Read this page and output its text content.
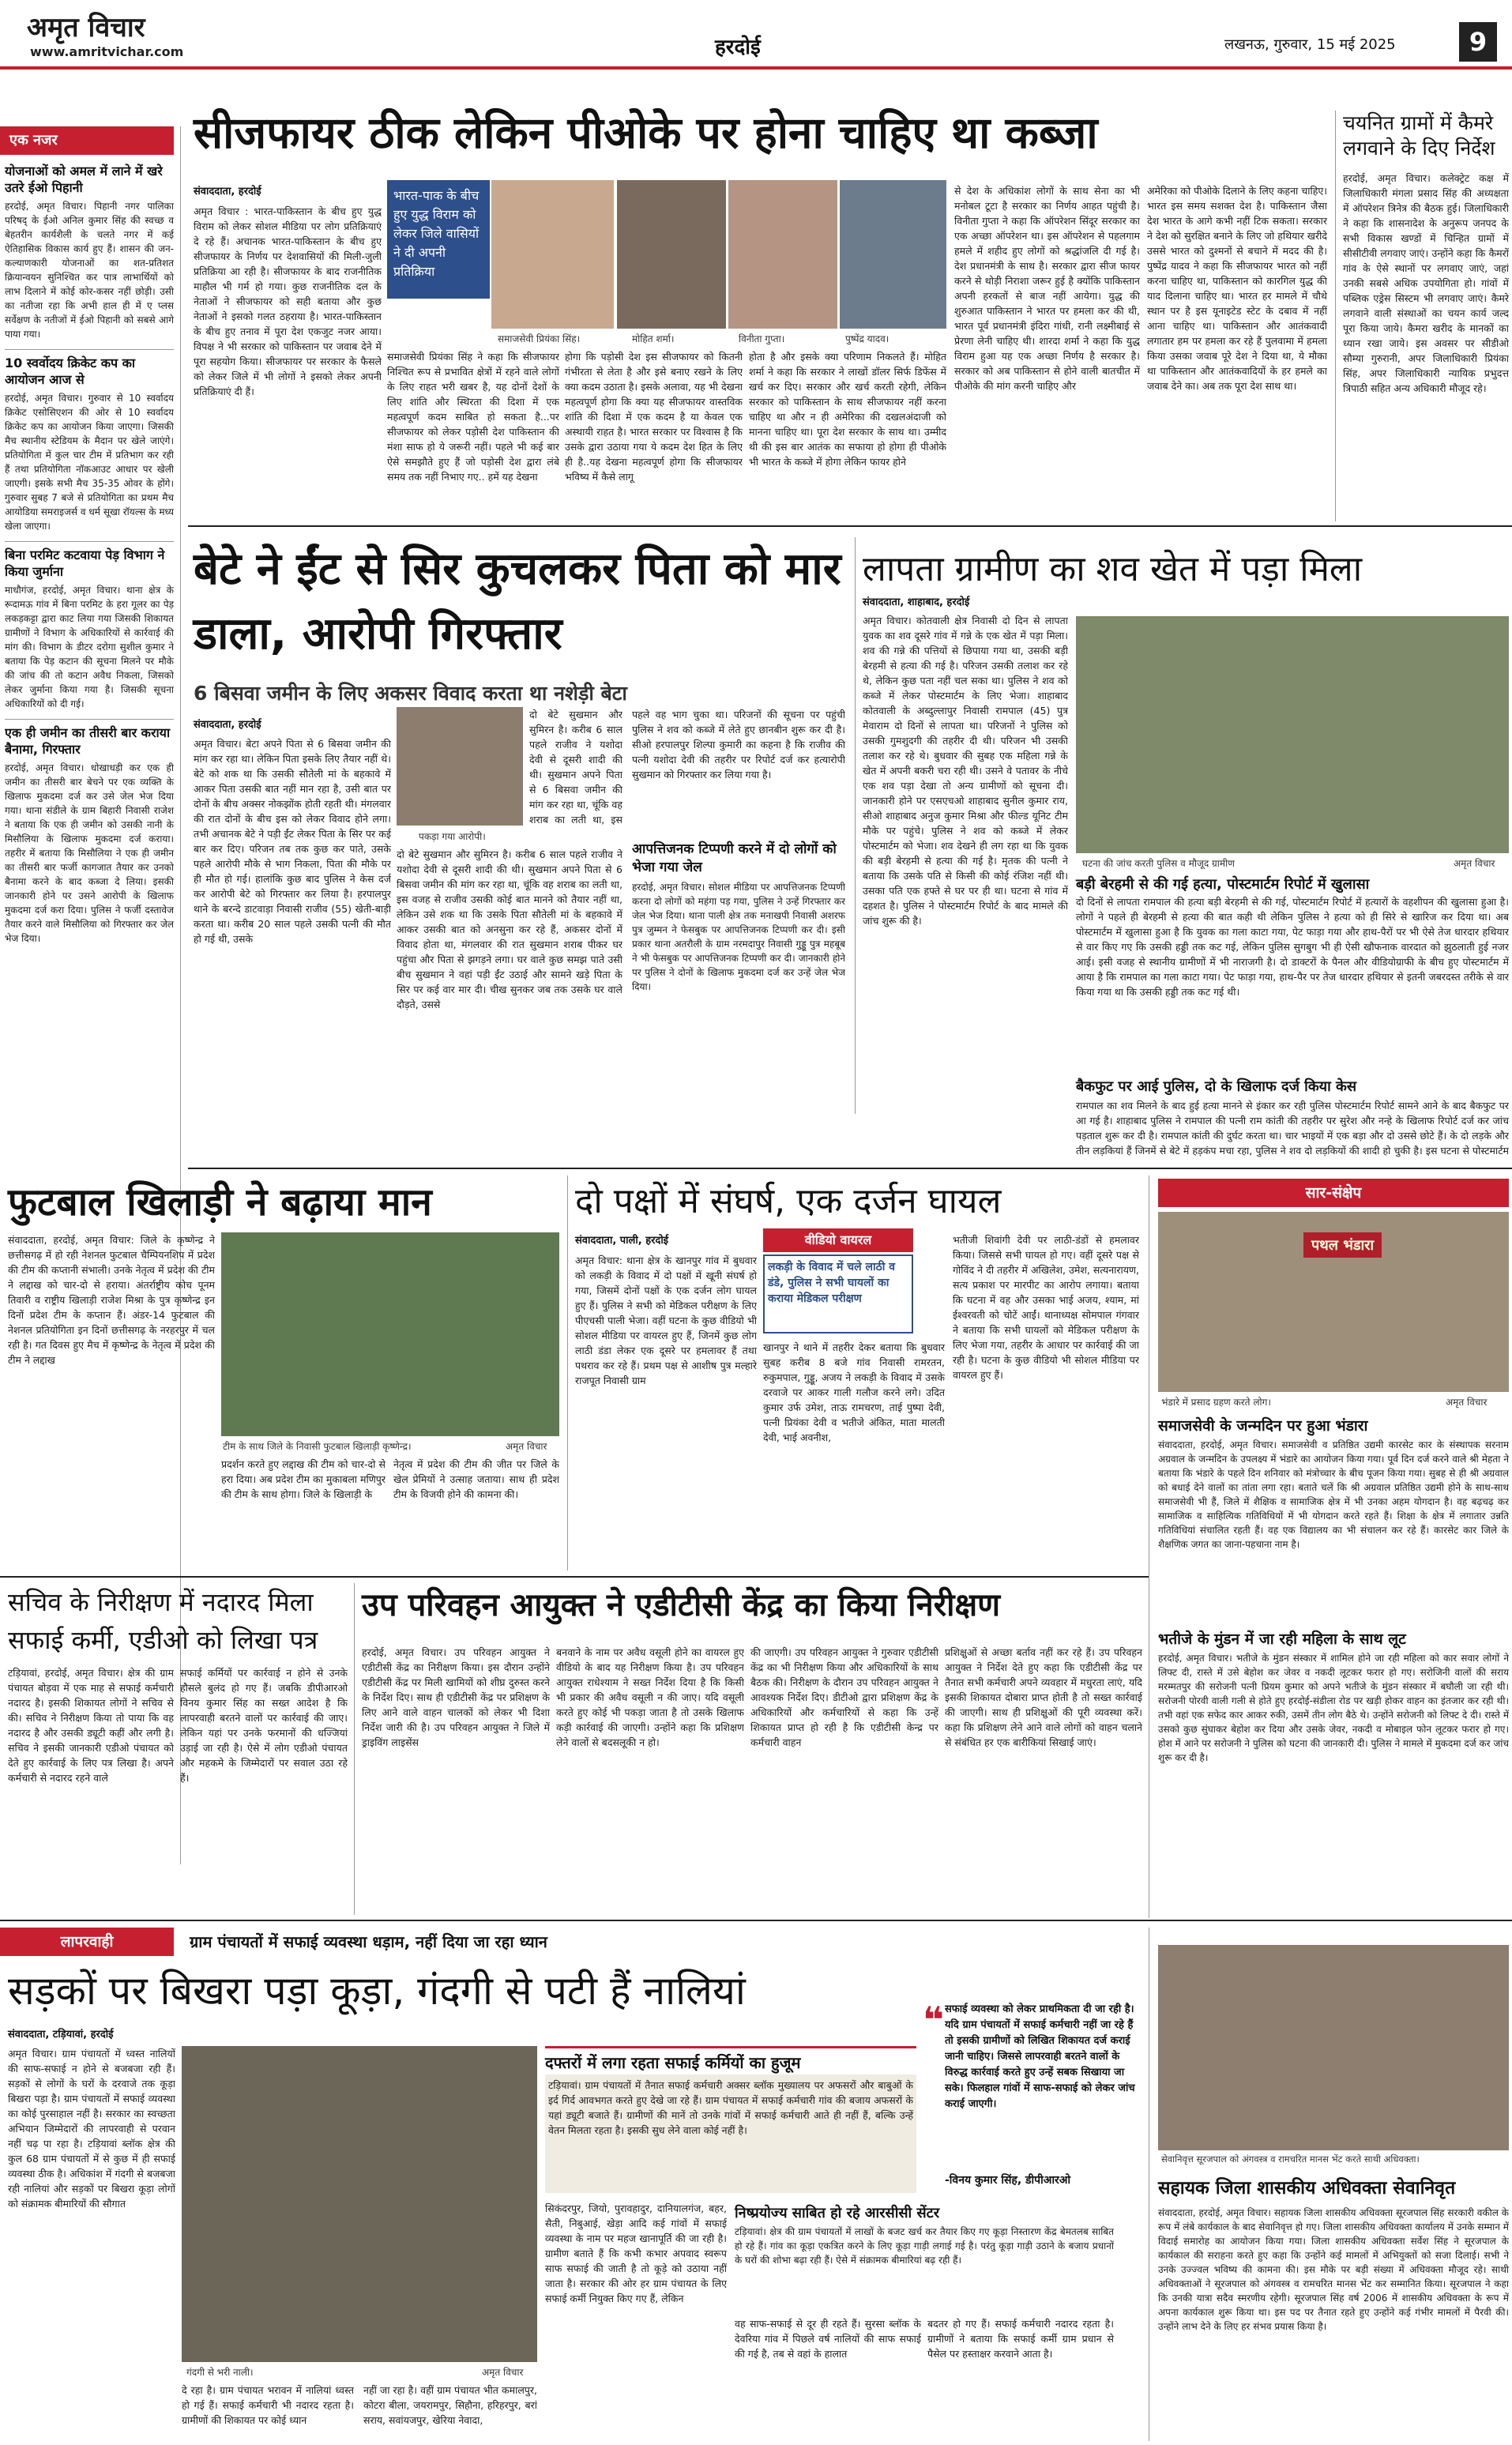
अमृत विचार
www.amritvichar.com	हरदोई	लखनऊ, गुरुवार, 15 मई 2025	9
एक नजर
योजनाओं को अमल में लाने में खरे उतरे ईओ पिहानी
हरदोई, अमृत विचार। पिहानी नगर पालिका परिषद् के ईओ अनिल कुमार सिंह की स्वच्छ व बेहतरीन कार्यशैली के चलते नगर में कई ऐतिहासिक विकास कार्य हुए हैं। शासन की जन-कल्याणकारी योजनाओं का शत-प्रतिशत क्रियान्वयन सुनिश्चित कर पात्र लाभार्थियों को लाभ दिलाने में कोई कोर-कसर नहीं छोड़ी। उसी का नतीजा रहा कि अभी हाल ही में ए प्लस सर्वेक्षण के नतीजों में ईओ पिहानी को सबसे आगे पाया गया।
10 स्वर्वोदय क्रिकेट कप का आयोजन आज से
हरदोई, अमृत विचार। गुरुवार से 10 स्वर्वादय क्रिकेट एसोसिएशन की ओर से 10 स्वर्वादय क्रिकेट कप का आयोजन किया जाएगा। जिसकी मैच स्थानीय स्टेडियम के मैदान पर खेले जाएंगे। प्रतियोगिता में कुल चार टीम में प्रतिभाग कर रही हैं तथा प्रतियोगिता नॉकआउट आधार पर खेली जाएगी। इसके सभी मैच 35-35 ओवर के होंगे। गुरुवार सुबह 7 बजे से प्रतियोगिता का प्रथम मैच आयोडिया समराइजर्स व धर्म सूखा रॉयल्स के मध्य खेला जाएगा।
बिना परमिट कटवाया पेड़ विभाग ने किया जुर्माना
माधौगंज, हरदोई, अमृत विचार। थाना क्षेत्र के रूदामऊ गांव में बिना परमिट के हरा गूलर का पेड़ लकड़कट्टा द्वारा काट लिया गया जिसकी शिकायत ग्रामीणों ने विभाग के अधिकारियों से कार्रवाई की मांग की। विभाग के डीटर दरोगा सुशील कुमार ने बताया कि पेड़ कटान की सूचना मिलने पर मौके की जांच की तो कटान अवैध निकला, जिसको लेकर जुर्माना किया गया है। जिसकी सूचना अधिकारियों को दी गई।
एक ही जमीन का तीसरी बार कराया बैनामा, गिरफ्तार
हरदोई, अमृत विचार। धोखाधड़ी कर एक ही जमीन का तीसरी बार बेचने पर एक व्यक्ति के खिलाफ मुकदमा दर्ज कर उसे जेल भेज दिया गया। थाना संडीले के ग्राम बिहारी निवासी राजेश ने बताया कि एक ही जमीन को उसकी नानी के मिसौलिया के खिलाफ मुकदमा दर्ज कराया। तहरीर में बताया कि मिसौलिया ने एक ही जमीन का तीसरी बार फर्जी कागजात तैयार कर उनको बैनामा करने के बाद कब्जा दे लिया। इसकी जानकारी होने पर उसने आरोपी के खिलाफ मुकदमा दर्ज करा दिया। पुलिस ने फर्जी दस्तावेज तैयार करने वाले मिसौलिया को गिरफ्तार कर जेल भेज दिया।
सीजफायर ठीक लेकिन पीओके पर होना चाहिए था कब्जा
संवाददाता, हरदोई	भारत-पाक के बीच हुए युद्ध विराम को लेकर जिले वासियों ने दी अपनी प्रतिक्रिया
समाजसेवी प्रियंका सिंह।	मोहित शर्मा।	विनीता गुप्ता।	पुष्पेंद्र यादव।
अमृत विचार : भारत-पाकिस्तान के बीच हुए युद्ध विराम को लेकर सोशल मीडिया पर लोग प्रतिक्रियाएं दे रहे हैं। अचानक भारत-पाकिस्तान के बीच हुए सीजफायर के निर्णय पर देशवासियों की मिली-जुली प्रतिक्रिया आ रही है। सीजफायर के बाद राजनीतिक माहौल भी गर्म हो गया। कुछ राजनीतिक दल के नेताओं ने सीजफायर को सही बताया और कुछ नेताओं ने इसको गलत ठहराया है। भारत-पाकिस्तान के बीच हुए तनाव में पूरा देश एकजुट नजर आया। विपक्ष ने भी सरकार को पाकिस्तान पर जवाब देने में पूरा सहयोग किया। सीजफायर पर सरकार के फैसले को लेकर जिले में भी लोगों ने इसको लेकर अपनी प्रतिक्रियाएं दी हैं।
समाजसेवी प्रियंका सिंह ने कहा कि सीजफायर निश्चित रूप से प्रभावित क्षेत्रों में रहने वाले लोगों के लिए राहत भरी खबर है, यह दोनों देशों के लिए शांति और स्थिरता की दिशा में एक महत्वपूर्ण कदम साबित हो सकता है...पर सीजफायर को लेकर पड़ोसी देश पाकिस्तान की मंशा साफ हो ये जरूरी नहीं। पहले भी कई बार ऐसे समझौते हुए हैं जो पड़ोसी देश द्वारा लंबे समय तक नहीं निभाए गए.. हमें यह देखना
होगा कि पड़ोसी देश इस सीजफायर को कितनी गंभीरता से लेता है और इसे बनाए रखने के लिए क्या कदम उठाता है। इसके अलावा, यह भी देखना महत्वपूर्ण होगा कि क्या यह सीजफायर वास्तविक शांति की दिशा में एक कदम है या केवल एक अस्थायी राहत है। भारत सरकार पर विश्वास है कि उसके द्वारा उठाया गया ये कदम देश हित के लिए ही है..यह देखना महत्वपूर्ण होगा कि सीजफायर भविष्य में कैसे लागू
होता है और इसके क्या परिणाम निकलते हैं। मोहित शर्मा ने कहा कि सरकार ने लाखों डॉलर सिर्फ डिफेंस में खर्च कर दिए। सरकार और खर्च करती रहेगी, लेकिन सरकार को पाकिस्तान के साथ सीजफायर नहीं करना चाहिए था और न ही अमेरिका की दखलअंदाजी को मानना चाहिए था। पूरा देश सरकार के साथ था। उम्मीद थी की इस बार आतंक का सफाया हो होगा ही पीओके भी भारत के कब्जे में होगा लेकिन फायर होने
से देश के अधिकांश लोगों के साथ सेना का भी मनोबल टूटा है सरकार का निर्णय आहत पहुंची है। विनीता गुप्ता ने कहा कि ऑपरेशन सिंदूर सरकार का एक अच्छा ऑपरेशन था। इस ऑपरेशन से पहलगाम हमले में शहीद हुए लोगों को श्रद्धांजलि दी गई है। देश प्रधानमंत्री के साथ है। सरकार द्वारा सीज फायर करने से थोड़ी निराशा जरूर हुई है क्योंकि पाकिस्तान अपनी हरकतों से बाज नहीं आयेगा। युद्ध की शुरुआत पाकिस्तान ने भारत पर हमला कर की थी, भारत पूर्व प्रधानमंत्री इंदिरा गांधी, रानी लक्ष्मीबाई से प्रेरणा लेनी चाहिए थी। शारदा शर्मा ने कहा कि युद्ध विराम हुआ यह एक अच्छा निर्णय है सरकार है। सरकार को अब पाकिस्तान से होने वाली बातचीत में पीओके की मांग करनी चाहिए और
अमेरिका को पीओके दिलाने के लिए कहना चाहिए। भारत इस समय सशक्त देश है। पाकिस्तान जैसा देश भारत के आगे कभी नहीं टिक सकता। सरकार ने देश को सुरक्षित बनाने के लिए जो हथियार खरीदे उससे भारत को दुश्मनों से बचाने में मदद की है। पुष्पेंद्र यादव ने कहा कि सीजफायर भारत को नहीं करना चाहिए था, पाकिस्तान को कारगिल युद्ध की याद दिलाना चाहिए था। भारत हर मामले में चौथे स्थान पर है इस यूनाइटेड स्टेट के दबाव में नहीं आना चाहिए था। पाकिस्तान और आतंकवादी लगातार हम पर हमला कर रहे हैं पुलवामा में हमला किया उसका जवाब पूरे देश ने दिया था, ये मौका था पाकिस्तान और आतंकवादियों के हर हमले का जवाब देने का। अब तक पूरा देश साथ था।
चयनित ग्रामों में कैमरे लगवाने के दिए निर्देश
हरदोई, अमृत विचार। कलेक्ट्रेट कक्ष में जिलाधिकारी मंगला प्रसाद सिंह की अध्यक्षता में ऑपरेशन त्रिनेत्र की बैठक हुई। जिलाधिकारी ने कहा कि शासनादेश के अनुरूप जनपद के सभी विकास खण्डों में चिन्हित ग्रामों में सीसीटीवी लगवाए जाएं। उन्होंने कहा कि कैमरों गांव के ऐसे स्थानों पर लगवाए जाएं, जहां उनकी सबसे अधिक उपयोगिता हो। गांवों में पब्लिक एड्रेस सिस्टम भी लगवाए जाएं। कैमरे लगवाने वाली संस्थाओं का चयन कार्य जल्द पूरा किया जाये। कैमरा खरीद के मानकों का ध्यान रखा जाये। इस अवसर पर सीडीओ सौम्या गुरुरानी, अपर जिलाधिकारी प्रियंका सिंह, अपर जिलाधिकारी न्यायिक प्रभुदत्त त्रिपाठी सहित अन्य अधिकारी मौजूद रहे।
बेटे ने ईंट से सिर कुचलकर पिता को मार डाला, आरोपी गिरफ्तार
6 बिसवा जमीन के लिए अकसर विवाद करता था नशेड़ी बेटा
संवाददाता, हरदोई
अमृत विचार। बेटा अपने पिता से 6 बिसवा जमीन की मांग कर रहा था। लेकिन पिता इसके लिए तैयार नहीं थे। बेटे को शक था कि उसकी सौतेली मां के बहकावे में आकर पिता उसकी बात नहीं मान रहा है, उसी बात पर दोनों के बीच अक्सर नोकझोंक होती रहती थी। मंगलवार की रात दोनों के बीच इस को लेकर विवाद होने लगा। तभी अचानक बेटे ने पड़ी ईंट लेकर पिता के सिर पर कई बार कर दिए। परिजन तब तक कुछ कर पाते, उसके पहले आरोपी मौके से भाग निकला, पिता की मौके पर ही मौत हो गई। हालांकि कुछ बाद पुलिस ने केस दर्ज कर आरोपी बेटे को गिरफ्तार कर लिया है। हरपालपुर थाने के बरन्दे डाटवाड़ा निवासी राजीव (55) खेती-बाड़ी करता था। करीब 20 साल पहले उसकी पत्नी की मौत हो गई थी, उसके
पकड़ा गया आरोपी।
दो बेटे सुखमान और सुमिरन है। करीब 6 साल पहले राजीव ने यशोदा देवी से दूसरी शादी की थी। सुखमान अपने पिता से 6 बिसवा जमीन की मांग कर रहा था, चूंकि वह शराब का लती था, इस
दो बेटे सुखमान और सुमिरन है। करीब 6 साल पहले राजीव ने यशोदा देवी से दूसरी शादी की थी। सुखमान अपने पिता से 6 बिसवा जमीन की मांग कर रहा था, चूंकि वह शराब का लती था, इस वजह से राजीव उसकी कोई बात मानने को तैयार नहीं था, लेकिन उसे शक था कि उसके पिता सौतेली मां के बहकावे में आकर उसकी बात को अनसुना कर रहे हैं, अकसर दोनों में विवाद होता था, मंगलवार की रात सुखमान शराब पीकर घर पहुंचा और पिता से झगड़ने लगा। घर वाले कुछ समझ पाते उसी बीच सुखमान ने वहां पड़ी ईंट उठाई और सामने खड़े पिता के सिर पर कई वार मार दी। चीख सुनकर जब तक उसके घर वाले दौड़ते, उससे
पहले वह भाग चुका था। परिजनों की सूचना पर पहुंची पुलिस ने शव को कब्जे में लेते हुए छानबीन शुरू कर दी है। सीओ हरपालपुर शिल्पा कुमारी का कहना है कि राजीव की पत्नी यशोदा देवी की तहरीर पर रिपोर्ट दर्ज कर हत्यारोपी सुखमान को गिरफ्तार कर लिया गया है।
आपत्तिजनक टिप्पणी करने में दो लोगों को भेजा गया जेल
हरदोई, अमृत विचार। सोशल मीडिया पर आपत्तिजनक टिप्पणी करना दो लोगों को महंगा पड़ गया, पुलिस ने उन्हें गिरफ्तार कर जेल भेज दिया। थाना पाली क्षेत्र तक मनाखपी निवासी अशरफ पुत्र जुम्मन ने फेसबुक पर आपत्तिजनक टिप्पणी कर दी। इसी प्रकार थाना अतरौली के ग्राम नरमदापुर निवासी गुड्डू पुत्र महबूब ने भी फेसबुक पर आपत्तिजनक टिप्पणी कर दी। जानकारी होने पर पुलिस ने दोनों के खिलाफ मुकदमा दर्ज कर उन्हें जेल भेज दिया।
लापता ग्रामीण का शव खेत में पड़ा मिला
संवाददाता, शाहाबाद, हरदोई
अमृत विचार। कोतवाली क्षेत्र निवासी दो दिन से लापता युवक का शव दूसरे गांव में गन्ने के एक खेत में पड़ा मिला। शव की गन्ने की पत्तियों से छिपाया गया था, उसकी बड़ी बेरहमी से हत्या की गई है। परिजन उसकी तलाश कर रहे थे, लेकिन कुछ पता नहीं चल सका था। पुलिस ने शव को कब्जे में लेकर पोस्टमार्टम के लिए भेजा। शाहाबाद कोतवाली के अब्दुल्लापुर निवासी रामपाल (45) पुत्र मेवाराम दो दिनों से लापता था। परिजनों ने पुलिस को उसकी गुमशुदगी की तहरीर दी थी। परिजन भी उसकी तलाश कर रहे थे। बुधवार की सुबह एक महिला गन्ने के खेत में अपनी बकरी चरा रही थी। उसने वे पतावर के नीचे एक शव पड़ा देखा तो अन्य ग्रामीणों को सूचना दी। जानकारी होने पर एसएचओ शाहाबाद सुनील कुमार राय, सीओ शाहाबाद अनुज कुमार मिश्रा और फील्ड यूनिट टीम मौके पर पहुंचे। पुलिस ने शव को कब्जे में लेकर पोस्टमार्टम को भेजा। शव देखने ही लग रहा था कि युवक की बड़ी बेरहमी से हत्या की गई है। मृतक की पत्नी ने बताया कि उसके पति से किसी की कोई रंजिश नहीं थी। उसका पति एक हफ्ते से घर पर ही था। घटना से गांव में दहशत है। पुलिस ने पोस्टमार्टम रिपोर्ट के बाद मामले की जांच शुरू की है।
घटना की जांच करती पुलिस व मौजूद ग्रामीण	अमृत विचार
बड़ी बेरहमी से की गई हत्या, पोस्टमार्टम रिपोर्ट में खुलासा
दो दिनों से लापता रामपाल की हत्या बड़ी बेरहमी से की गई, पोस्टमार्टम रिपोर्ट में हत्यारों के वहशीपन की खुलासा हुआ है। लोगों ने पहले ही बेरहमी से हत्या की बात कही थी लेकिन पुलिस ने हत्या को ही सिरे से खारिज कर दिया था। अब पोस्टमार्टम में खुलासा हुआ है कि युवक का गला काटा गया, पेट फाड़ा गया और हाथ-पैरों पर भी ऐसे तेज धारदार हथियार से वार किए गए कि उसकी हड्डी तक कट गई, लेकिन पुलिस सुगबुग भी ही ऐसी खौफनाक वारदात को झुठलाती हुई नजर आई। इसी वजह से स्थानीय ग्रामीणों में भी नाराजगी है। दो डाक्टरों के पैनल और वीडियोग्राफी के बीच हुए पोस्टमार्टम में आया है कि रामपाल का गला काटा गया। पेट फाड़ा गया, हाथ-पैर पर तेज धारदार हथियार से इतनी जबरदस्त तरीके से वार किया गया था कि उसकी हड्डी तक कट गई थी।
बैकफुट पर आई पुलिस, दो के खिलाफ दर्ज किया केस
रामपाल का शव मिलने के बाद हुई हत्या मानने से इंकार कर रही पुलिस पोस्टमार्टम रिपोर्ट सामने आने के बाद बैकफुट पर आ गई है। शाहाबाद पुलिस ने रामपाल की पत्नी राम कांती की तहरीर पर सुरेश और नन्हे के खिलाफ रिपोर्ट दर्ज कर जांच पड़ताल शुरू कर दी है। रामपाल कांती की दुर्घट करता था। चार भाइयों में एक बड़ा और दो उससे छोटे हैं। के दो लड़के और तीन लड़कियां हैं जिनमें से बेटे में हड़कंप मचा रहा, पुलिस ने शव दो लड़कियों की शादी हो चुकी है। इस घटना से पोस्टमार्टम
फुटबाल खिलाड़ी ने बढ़ाया मान
संवाददाता, हरदोई, अमृत विचार: जिले के कृष्णेन्द्र ने छत्तीसगढ़ में हो रही नेशनल फुटबाल चैम्पियनशिप में प्रदेश की टीम की कप्तानी संभाली। उनके नेतृत्व में प्रदेश की टीम ने लद्दाख को चार-दो से हराया। अंतर्राष्ट्रीय कोच पूनम तिवारी व राष्ट्रीय खिलाड़ी राजेश मिश्रा के पुत्र कृष्णेन्द्र इन दिनों प्रदेश टीम के कप्तान हैं। अंडर-14 फुटबाल की नेशनल प्रतियोगिता इन दिनों छत्तीसगढ़ के नरहरपुर में चल रही है। गत दिवस हुए मैच में कृष्णेन्द्र के नेतृत्व में प्रदेश की टीम ने लद्दाख
टीम के साथ जिले के निवासी फुटबाल खिलाड़ी कृष्णेन्द्र।	अमृत विचार
प्रदर्शन करते हुए लद्दाख की टीम को चार-दो से हरा दिया। अब प्रदेश टीम का मुकाबला मणिपुर की टीम के साथ होगा। जिले के खिलाड़ी के
नेतृत्व में प्रदेश की टीम की जीत पर जिले के खेल प्रेमियों ने उत्साह जताया। साथ ही प्रदेश टीम के विजयी होने की कामना की।
दो पक्षों में संघर्ष, एक दर्जन घायल
संवाददाता, पाली, हरदोई	वीडियो वायरल
लकड़ी के विवाद में चले लाठी व डंडे, पुलिस ने सभी घायलों का कराया मेडिकल परीक्षण
अमृत विचार: थाना क्षेत्र के खानपुर गांव में बुधवार को लकड़ी के विवाद में दो पक्षों में खूनी संघर्ष हो गया, जिसमें दोनों पक्षों के एक दर्जन लोग घायल हुए हैं। पुलिस ने सभी को मेडिकल परीक्षण के लिए पीएचसी पाली भेजा। वहीं घटना के कुछ वीडियो भी सोशल मीडिया पर वायरल हुए हैं, जिनमें कुछ लोग लाठी डंडा लेकर एक दूसरे पर हमलावर हैं तथा पथराव कर रहे हैं। प्रथम पक्ष से आशीष पुत्र मल्हारे राजपूत निवासी ग्राम
खानपुर ने थाने में तहरीर देकर बताया कि बुधवार सुबह करीब 8 बजे गांव निवासी रामरतन, रुकुमपाल, गुड्डू, अजय ने लकड़ी के विवाद में उसके दरवाजे पर आकर गाली गलौज करने लगे। उदित कुमार उर्फ उमेश, ताऊ रामचरण, ताई पुष्पा देवी, पत्नी प्रियंका देवी व भतीजे अंकित, माता मालती देवी, भाई अवनीश,
भतीजी शिवांगी देवी पर लाठी-डंडों से हमलावर किया। जिससे सभी घायल हो गए। वहीं दूसरे पक्ष से गोविंद ने दी तहरीर में अखिलेश, उमेश, सत्यनारायण, सत्य प्रकाश पर मारपीट का आरोप लगाया। बताया कि घटना में वह और उसका भाई अजय, श्याम, मां ईश्वरवती को चोटें आईं। थानाध्यक्ष सोमपाल गंगवार ने बताया कि सभी घायलों को मेडिकल परीक्षण के लिए भेजा गया, तहरीर के आधार पर कार्रवाई की जा रही है। घटना के कुछ वीडियो भी सोशल मीडिया पर वायरल हुए हैं।
सार-संक्षेप
पथल भंडारा
भंडारे में प्रसाद ग्रहण करते लोग।	अमृत विचार
समाजसेवी के जन्मदिन पर हुआ भंडारा
संवाददाता, हरदोई, अमृत विचार। समाजसेवी व प्रतिष्ठित उद्यमी कारसेट कार के संस्थापक सरनाम अग्रवाल के जन्मदिन के उपलक्ष्य में भंडारे का आयोजन किया गया। पूर्व दिन दर्ज करने वाले श्री मेहता ने बताया कि भंडारे के पहले दिन शनिवार को मंत्रोच्चार के बीच पूजन किया गया। सुबह से ही श्री अग्रवाल को बधाई देने वालों का तांता लगा रहा। बताते चलें कि श्री अग्रवाल प्रतिष्ठित उद्यमी होने के साथ-साथ समाजसेवी भी हैं, जिले में शैक्षिक व सामाजिक क्षेत्र में भी उनका अहम योगदान है। वह बढ़चढ़ कर सामाजिक व साहित्यिक गतिविधियों में भी योगदान करते रहते हैं। शिक्षा के क्षेत्र में लगातार उन्नति गतिविधियां संचालित रहती हैं। वह एक विद्यालय का भी संचालन कर रहे हैं। कारसेट कार जिले के शैक्षणिक जगत का जाना-पहचाना नाम है।
भतीजे के मुंडन में जा रही महिला के साथ लूट
हरदोई, अमृत विचार। भतीजे के मुंडन संस्कार में शामिल होने जा रही महिला को कार सवार लोगों ने लिफ्ट दी, रास्ते में उसे बेहोश कर जेवर व नकदी लूटकर फरार हो गए। सरोजिनी वालों की सराय मरम्मतपुर की सरोजनी पत्नी प्रियम कुमार को अपने भतीजे के मुंडन संस्कार में बघौली जा रही थी। सरोजनी पोरवी वाली गली से होते हुए हरदोई-संडीला रोड पर खड़ी होकर वाहन का इंतजार कर रही थी। तभी वहां एक सफेद कार आकर रुकी, उसमें तीन लोग बैठे थे। उन्होंने सरोजनी को लिफ्ट दे दी। रास्ते में उसको कुछ सुंघाकर बेहोश कर दिया और उसके जेवर, नकदी व मोबाइल फोन लूटकर फरार हो गए। होश में आने पर सरोजनी ने पुलिस को घटना की जानकारी दी। पुलिस ने मामले में मुकदमा दर्ज कर जांच शुरू कर दी है।
सचिव के निरीक्षण में नदारद मिला सफाई कर्मी, एडीओ को लिखा पत्र
टड़ियावां, हरदोई, अमृत विचार। क्षेत्र की ग्राम पंचायत बोड़वा में एक माह से सफाई कर्मचारी नदारद है। इसकी शिकायत लोगों ने सचिव से की। सचिव ने निरीक्षण किया तो पाया कि वह नदारद है और उसकी ड्यूटी कहीं और लगी है। सचिव ने इसकी जानकारी एडीओ पंचायत को देते हुए कार्रवाई के लिए पत्र लिखा है। अपने कर्मचारी से नदारद रहने वाले
सफाई कर्मियों पर कार्रवाई न होने से उनके हौसले बुलंद हो गए हैं। जबकि डीपीआरओ विनय कुमार सिंह का सख्त आदेश है कि लापरवाही बरतने वालों पर कार्रवाई की जाए। लेकिन यहां पर उनके फरमानों की धज्जियां उड़ाई जा रही है। ऐसे में लोग एडीओ पंचायत और महकमे के जिम्मेदारों पर सवाल उठा रहे हैं।
उप परिवहन आयुक्त ने एडीटीसी केंद्र का किया निरीक्षण
हरदोई, अमृत विचार। उप परिवहन आयुक्त ने एडीटीसी केंद्र का निरीक्षण किया। इस दौरान उन्होंने एडीटीसी केंद्र पर मिली खामियों को शीघ्र दुरुस्त करने के निर्देश दिए। साथ ही एडीटीसी केंद्र पर प्रशिक्षण के लिए आने वाले वाहन चालकों को लेकर भी दिशा निर्देश जारी की है। उप परिवहन आयुक्त ने जिले में ड्राइविंग लाइसेंस
बनवाने के नाम पर अवैध वसूली होने का वायरल हुए वीडियो के बाद यह निरीक्षण किया है। उप परिवहन आयुक्त राधेश्याम ने सख्त निर्देश दिया है कि किसी भी प्रकार की अवैध वसूली न की जाए। यदि वसूली करते हुए कोई भी पकड़ा जाता है तो उसके खिलाफ कड़ी कार्रवाई की जाएगी। उन्होंने कहा कि प्रशिक्षण लेने वालों से बदसलूकी न हो।
की जाएगी। उप परिवहन आयुक्त ने गुरुवार एडीटीसी केंद्र का भी निरीक्षण किया और अधिकारियों के साथ बैठक की। निरीक्षण के दौरान उप परिवहन आयुक्त ने आवश्यक निर्देश दिए। डीटीओ द्वारा प्रशिक्षण केंद्र के अधिकारियों और कर्मचारियों से कहा कि उन्हें शिकायत प्राप्त हो रही है कि एडीटीसी केन्द्र पर कर्मचारी वाहन
प्रशिक्षुओं से अच्छा बर्ताव नहीं कर रहे हैं। उप परिवहन आयुक्त ने निर्देश देते हुए कहा कि एडीटीसी केंद्र पर तैनात सभी कर्मचारी अपने व्यवहार में मधुरता लाएं, यदि इसकी शिकायत दोबारा प्राप्त होती है तो सख्त कार्रवाई की जाएगी। साथ ही प्रशिक्षुओं की पूरी व्यवस्था करें। कहा कि प्रशिक्षण लेने आने वाले लोगों को वाहन चलाने से संबंधित हर एक बारीकियां सिखाई जाएं।
लापरवाही	ग्राम पंचायतों में सफाई व्यवस्था धड़ाम, नहीं दिया जा रहा ध्यान
सड़कों पर बिखरा पड़ा कूड़ा, गंदगी से पटी हैं नालियां
संवाददाता, टड़ियावां, हरदोई
अमृत विचार। ग्राम पंचायतों में ध्वस्त नालियों की साफ-सफाई न होने से बजबजा रही हैं। सड़कों से लोगों के घरों के दरवाजे तक कूड़ा बिखरा पड़ा है। ग्राम पंचायतों में सफाई व्यवस्था का कोई पुरसाहाल नहीं है। सरकार का स्वच्छता अभियान जिम्मेदारों की लापरवाही से परवान नहीं चढ़ पा रहा है। टड़ियावां ब्लॉक क्षेत्र की कुल 68 ग्राम पंचायतों में से कुछ में ही सफाई व्यवस्था ठीक है। अधिकांश में गंदगी से बजबजा रही नालियां और सड़कों पर बिखरा कूड़ा लोगों को संक्रामक बीमारियों की सौगात
गंदगी से भरी नाली।	अमृत विचार
दे रहा है। ग्राम पंचायत भरावन में नालियां ध्वस्त हो गई हैं। सफाई कर्मचारी भी नदारद रहता है। ग्रामीणों की शिकायत पर कोई ध्यान
नहीं जा रहा है। वहीं ग्राम पंचायत भीत कमालपुर, कोटरा बीला, जयरामपुर, सिहौना, हरिहरपुर, बरां सराय, सवांयजपुर, खेरिया नेवादा,
दफ्तरों में लगा रहता सफाई कर्मियों का हुजूम
टड़ियावां। ग्राम पंचायतों में तैनात सफाई कर्मचारी अक्सर ब्लॉक मुख्यालय पर अफसरों और बाबुओं के इर्द गिर्द आवभगत करते हुए देखे जा रहे हैं। ग्राम पंचायत में सफाई कर्मचारी गांव की बजाय अफसरों के यहां ड्यूटी बजाते हैं। ग्रामीणों की मानें तो उनके गांवों में सफाई कर्मचारी आते ही नहीं हैं, बल्कि उन्हें वेतन मिलता रहता है। इसकी सुध लेने वाला कोई नहीं है।
सिकंदरपुर, जियो, पुरावहादुर, दानियालगंज, बहर, सैती, निबुआई, खेड़ा आदि कई गांवों में सफाई व्यवस्था के नाम पर महज खानापूर्ति की जा रही है। ग्रामीण बताते हैं कि कभी कभार अपवाद स्वरूप साफ सफाई की जाती है तो कूड़े को उठाया नहीं जाता है। सरकार की ओर हर ग्राम पंचायत के लिए सफाई कर्मी नियुक्त किए गए हैं, लेकिन
निष्प्रयोज्य साबित हो रहे आरसीसी सेंटर
टड़ियावां। क्षेत्र की ग्राम पंचायतों में लाखों के बजट खर्च कर तैयार किए गए कूड़ा निस्तारण केंद्र बेमतलब साबित हो रहे हैं। गांव का कूड़ा एकत्रित करने के लिए कूड़ा गाड़ी लगाई गई है। परंतु कूड़ा गाड़ी उठाने के बजाय प्रधानों के घरों की शोभा बढ़ा रही हैं। ऐसे में संक्रामक बीमारियां बढ़ रही हैं।
वह साफ-सफाई से दूर ही रहते हैं। सुरसा ब्लॉक के देवरिया गांव में पिछले वर्ष नालियों की साफ सफाई की गई है, तब से वहां के हालात
बदतर हो गए हैं। सफाई कर्मचारी नदारद रहता है। ग्रामीणों ने बताया कि सफाई कर्मी ग्राम प्रधान से पैसेल पर हस्ताक्षर करवाने आता है।
❝ सफाई व्यवस्था को लेकर प्राथमिकता दी जा रही है। यदि ग्राम पंचायतों में सफाई कर्मचारी नहीं जा रहे हैं तो इसकी ग्रामीणों को लिखित शिकायत दर्ज कराई जानी चाहिए। जिससे लापरवाही बरतने वालों के विरुद्ध कार्रवाई करते हुए उन्हें सबक सिखाया जा सके। फिलहाल गांवों में साफ-सफाई को लेकर जांच कराई जाएगी।
-विनय कुमार सिंह, डीपीआरओ
सेवानिवृत्त सूरजपाल को अंगवस्त्र व रामचरित मानस भेंट करते साथी अधिवक्ता।
सहायक जिला शासकीय अधिवक्ता सेवानिवृत
संवाददाता, हरदोई, अमृत विचार। सहायक जिला शासकीय अधिवक्ता सूरजपाल सिंह सरकारी वकील के रूप में लंबे कार्यकाल के बाद सेवानिवृत्त हो गए। जिला शासकीय अधिवक्ता कार्यालय में उनके सम्मान में विदाई समारोह का आयोजन किया गया। जिला शासकीय अधिवक्ता सर्वेश सिंह ने सूरजपाल के कार्यकाल की सराहना करते हुए कहा कि उन्होंने कई मामलों में अभियुक्तों को सजा दिलाई। सभी ने उनके उज्ज्वल भविष्य की कामना की। इस मौके पर बड़ी संख्या में अधिवक्ता मौजूद रहे। साथी अधिवक्ताओं ने सूरजपाल को अंगवस्त्र व रामचरित मानस भेंट कर सम्मानित किया। सूरजपाल ने कहा कि उनकी यात्रा सदैव स्मरणीय रहेगी। सूरजपाल सिंह वर्ष 2006 में शासकीय अधिवक्ता के रूप में अपना कार्यकाल शुरू किया था। इस पद पर तैनात रहते हुए उन्होंने कई गंभीर मामलों में पैरवी की। उन्होंने लाभ देने के लिए हर संभव प्रयास किया है।
